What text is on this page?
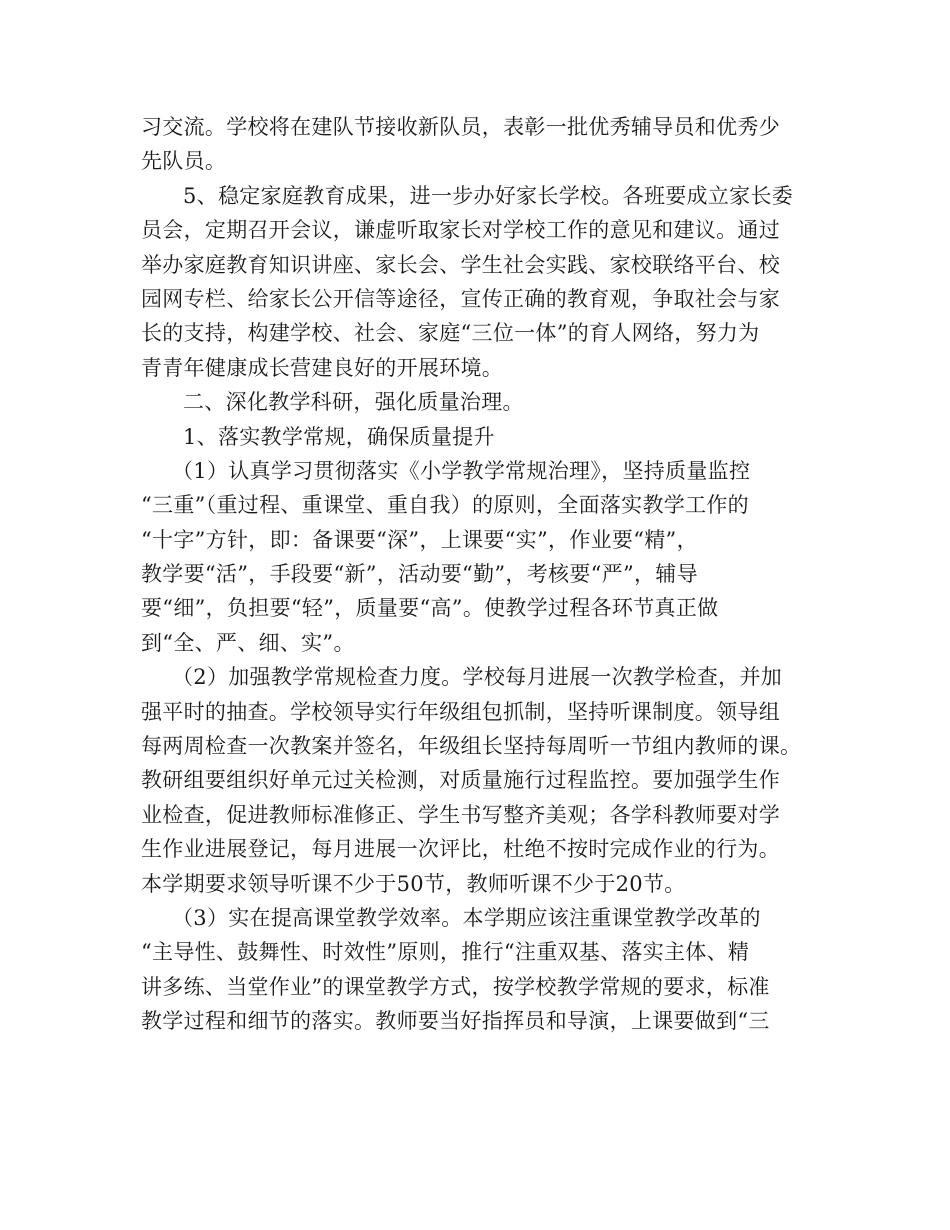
习交流。学校将在建队节接收新队员，表彰一批优秀辅导员和优秀少
先队员。
5、稳定家庭教育成果，进一步办好家长学校。各班要成立家长委
员会，定期召开会议，谦虚听取家长对学校工作的意见和建议。通过
举办家庭教育知识讲座、家长会、学生社会实践、家校联络平台、校
园网专栏、给家长公开信等途径，宣传正确的教育观，争取社会与家
长的支持，构建学校、社会、家庭“三位一体”的育人网络，努力为
青青年健康成长营建良好的开展环境。
二、深化教学科研，强化质量治理。
1、落实教学常规，确保质量提升
（1）认真学习贯彻落实《小学教学常规治理》，坚持质量监控
“三重”（重过程、重课堂、重自我）的原则，全面落实教学工作的
“十字”方针，即：备课要“深”，上课要“实”，作业要“精”，
教学要“活”，手段要“新”，活动要“勤”，考核要“严”，辅导
要“细”，负担要“轻”，质量要“高”。使教学过程各环节真正做
到“全、严、细、实”。
（2）加强教学常规检查力度。学校每月进展一次教学检查，并加
强平时的抽查。学校领导实行年级组包抓制，坚持听课制度。领导组
每两周检查一次教案并签名，年级组长坚持每周听一节组内教师的课。
教研组要组织好单元过关检测，对质量施行过程监控。要加强学生作
业检查，促进教师标准修正、学生书写整齐美观；各学科教师要对学
生作业进展登记，每月进展一次评比，杜绝不按时完成作业的行为。
本学期要求领导听课不少于50节，教师听课不少于20节。
（3）实在提高课堂教学效率。本学期应该注重课堂教学改革的
“主导性、鼓舞性、时效性”原则，推行“注重双基、落实主体、精
讲多练、当堂作业”的课堂教学方式，按学校教学常规的要求，标准
教学过程和细节的落实。教师要当好指挥员和导演，上课要做到“三
